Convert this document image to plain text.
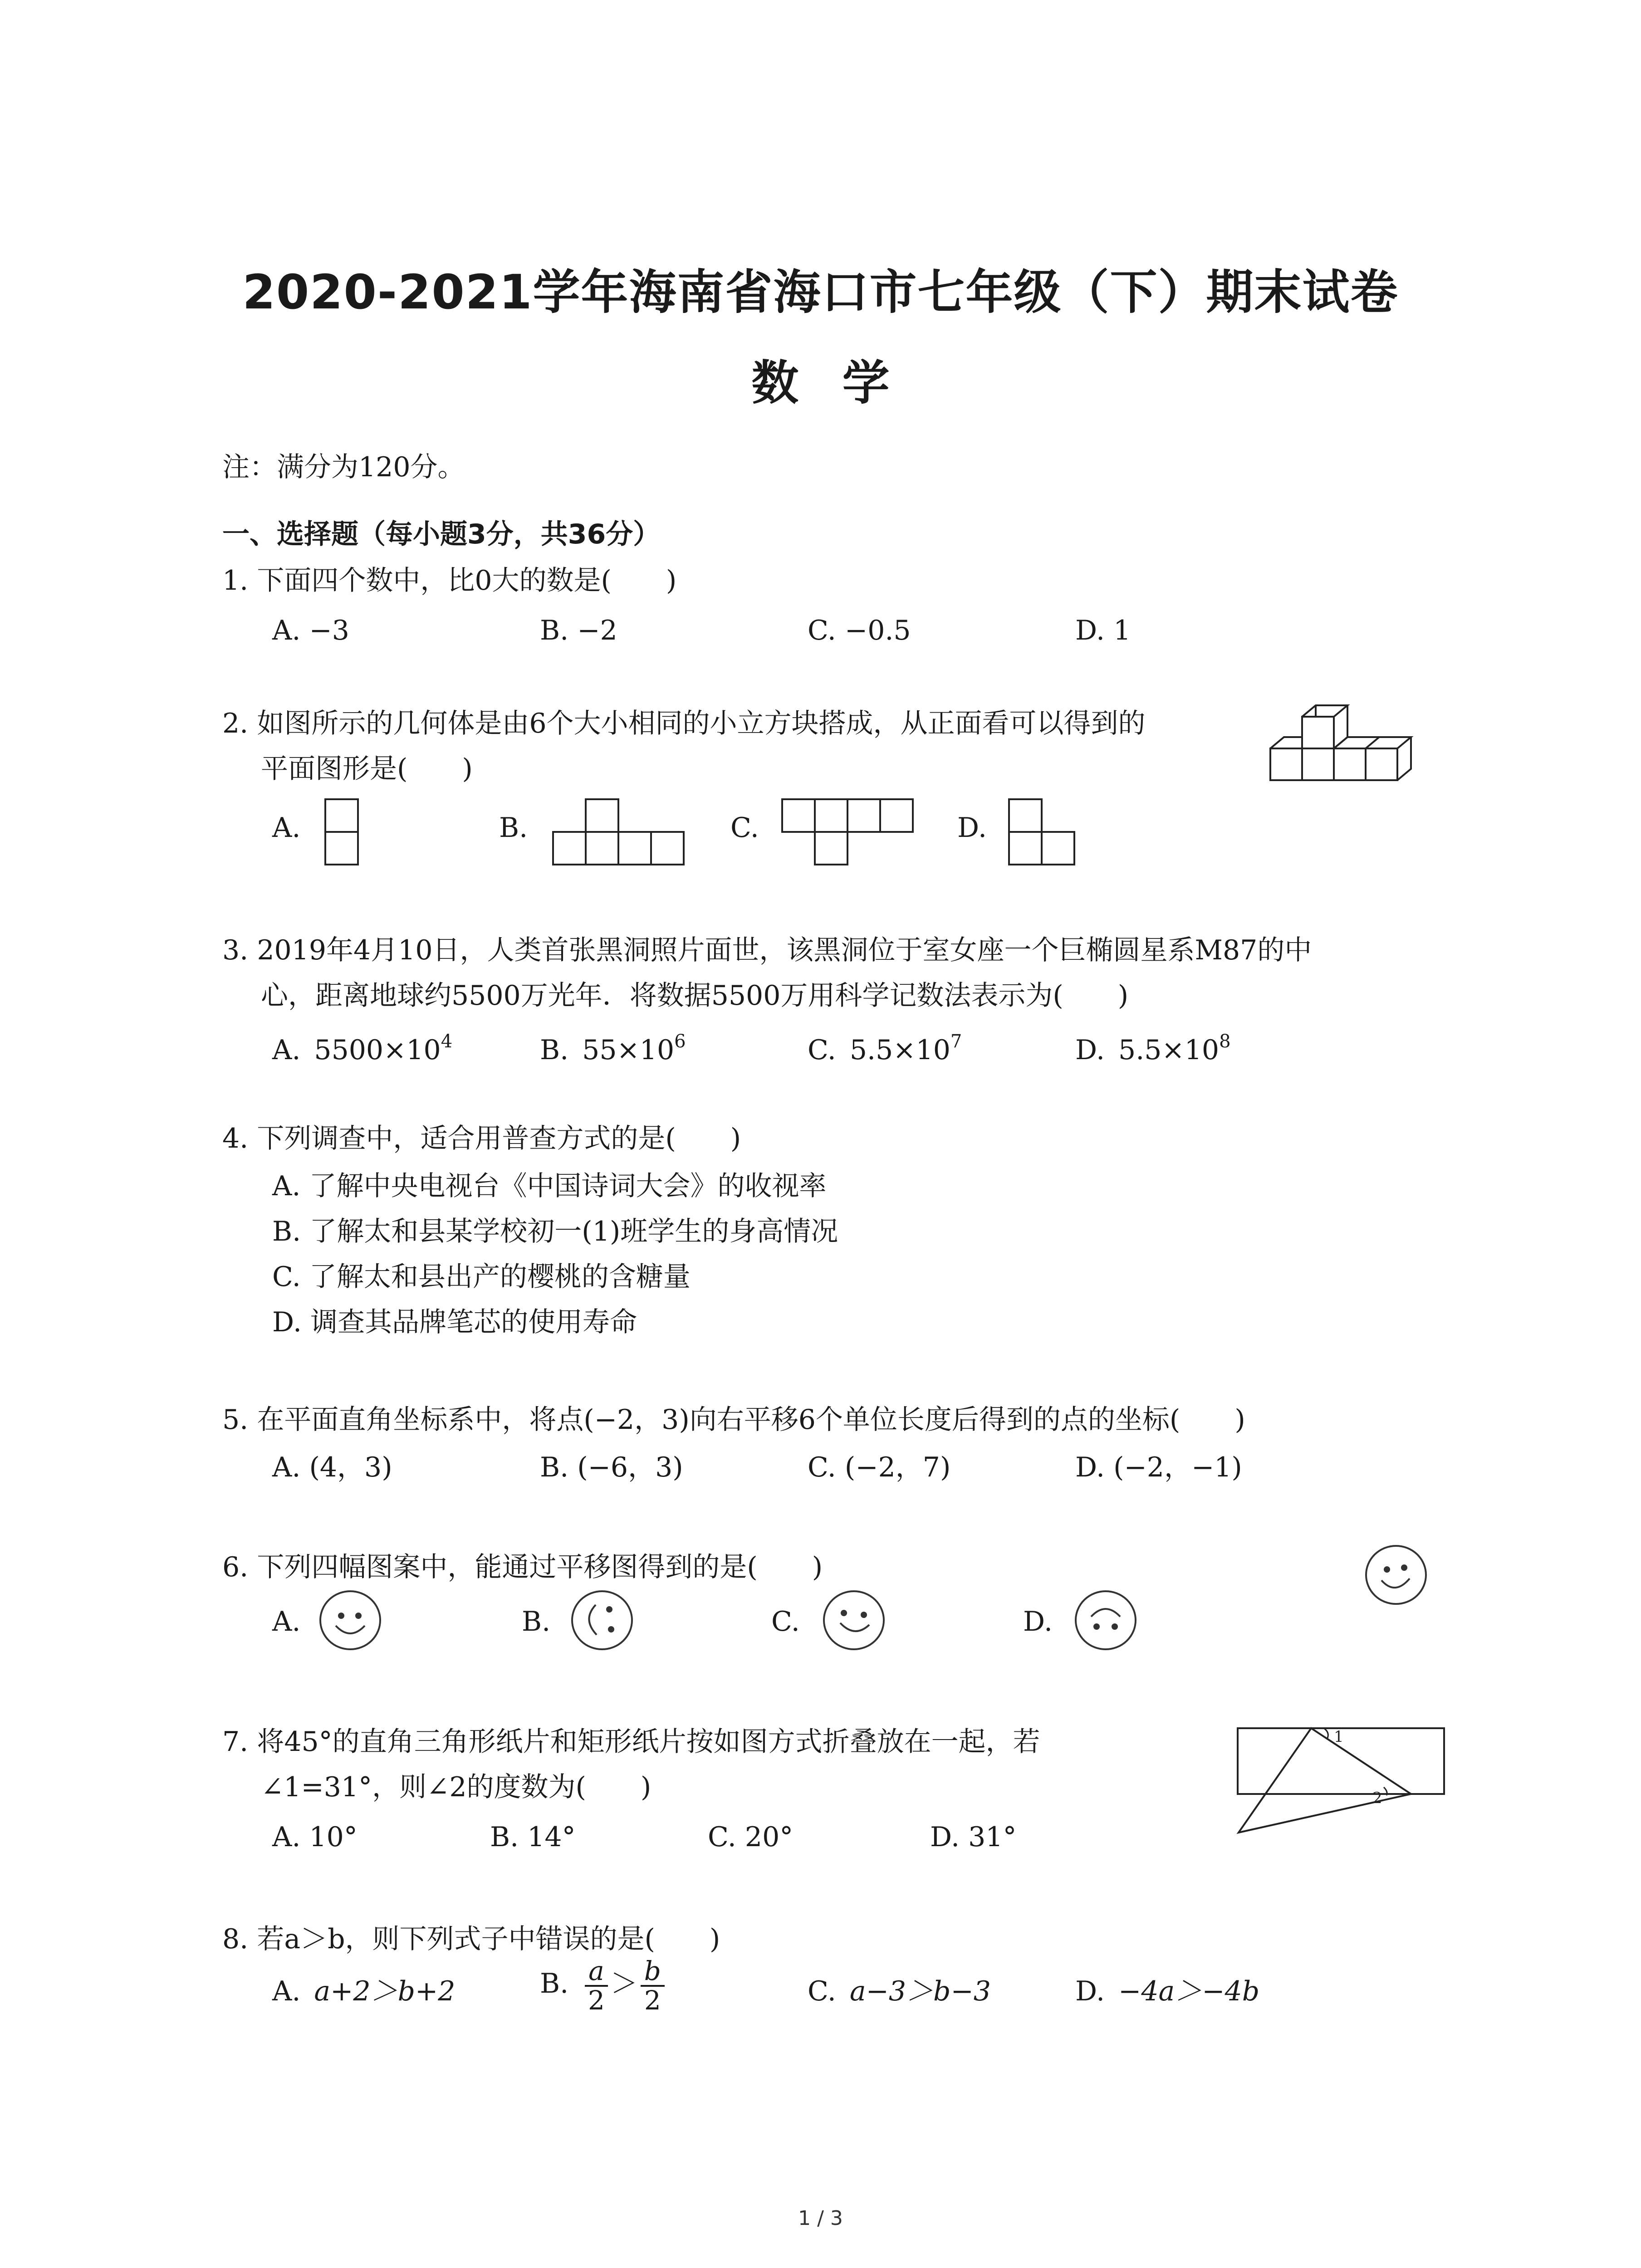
2020-2021学年海南省海口市七年级（下）期末试卷
数 学
注：满分为120分。
一、选择题（每小题3分，共36分）
1. 下面四个数中，比0大的数是(　　)
A. −3	B. −2	C. −0.5	D. 1
2. 如图所示的几何体是由6个大小相同的小立方块搭成，从正面看可以得到的
平面图形是(　　)
A.	B.	C.	D.
3. 2019年4月10日，人类首张黑洞照片面世，该黑洞位于室女座一个巨椭圆星系M87的中
心，距离地球约5500万光年．将数据5500万用科学记数法表示为(　　)
A. $5500\times 10^4$	B. $55\times 10^6$	C. $5.5\times 10^7$	D. $5.5\times 10^8$
4. 下列调查中，适合用普查方式的是(　　)
A. 了解中央电视台《中国诗词大会》的收视率
B. 了解太和县某学校初一(1)班学生的身高情况
C. 了解太和县出产的樱桃的含糖量
D. 调查其品牌笔芯的使用寿命
5. 在平面直角坐标系中，将点(−2，3)向右平移6个单位长度后得到的点的坐标(　　)
A. (4，3)	B. (−6，3)	C. (−2，7)	D. (−2，−1)
6. 下列四幅图案中，能通过平移图得到的是(　　)
A.	B.	C.	D.
7. 将45°的直角三角形纸片和矩形纸片按如图方式折叠放在一起，若
∠1=31°，则∠2的度数为(　　)
A. 10°	B. 14°	C. 20°	D. 31°
1
2
8. 若a＞b，则下列式子中错误的是(　　)
A. a+2＞b+2	B. $\frac{a}{2} > \frac{b}{2}$	C. a−3＞b−3	D. −4a＞−4b
1 / 3
